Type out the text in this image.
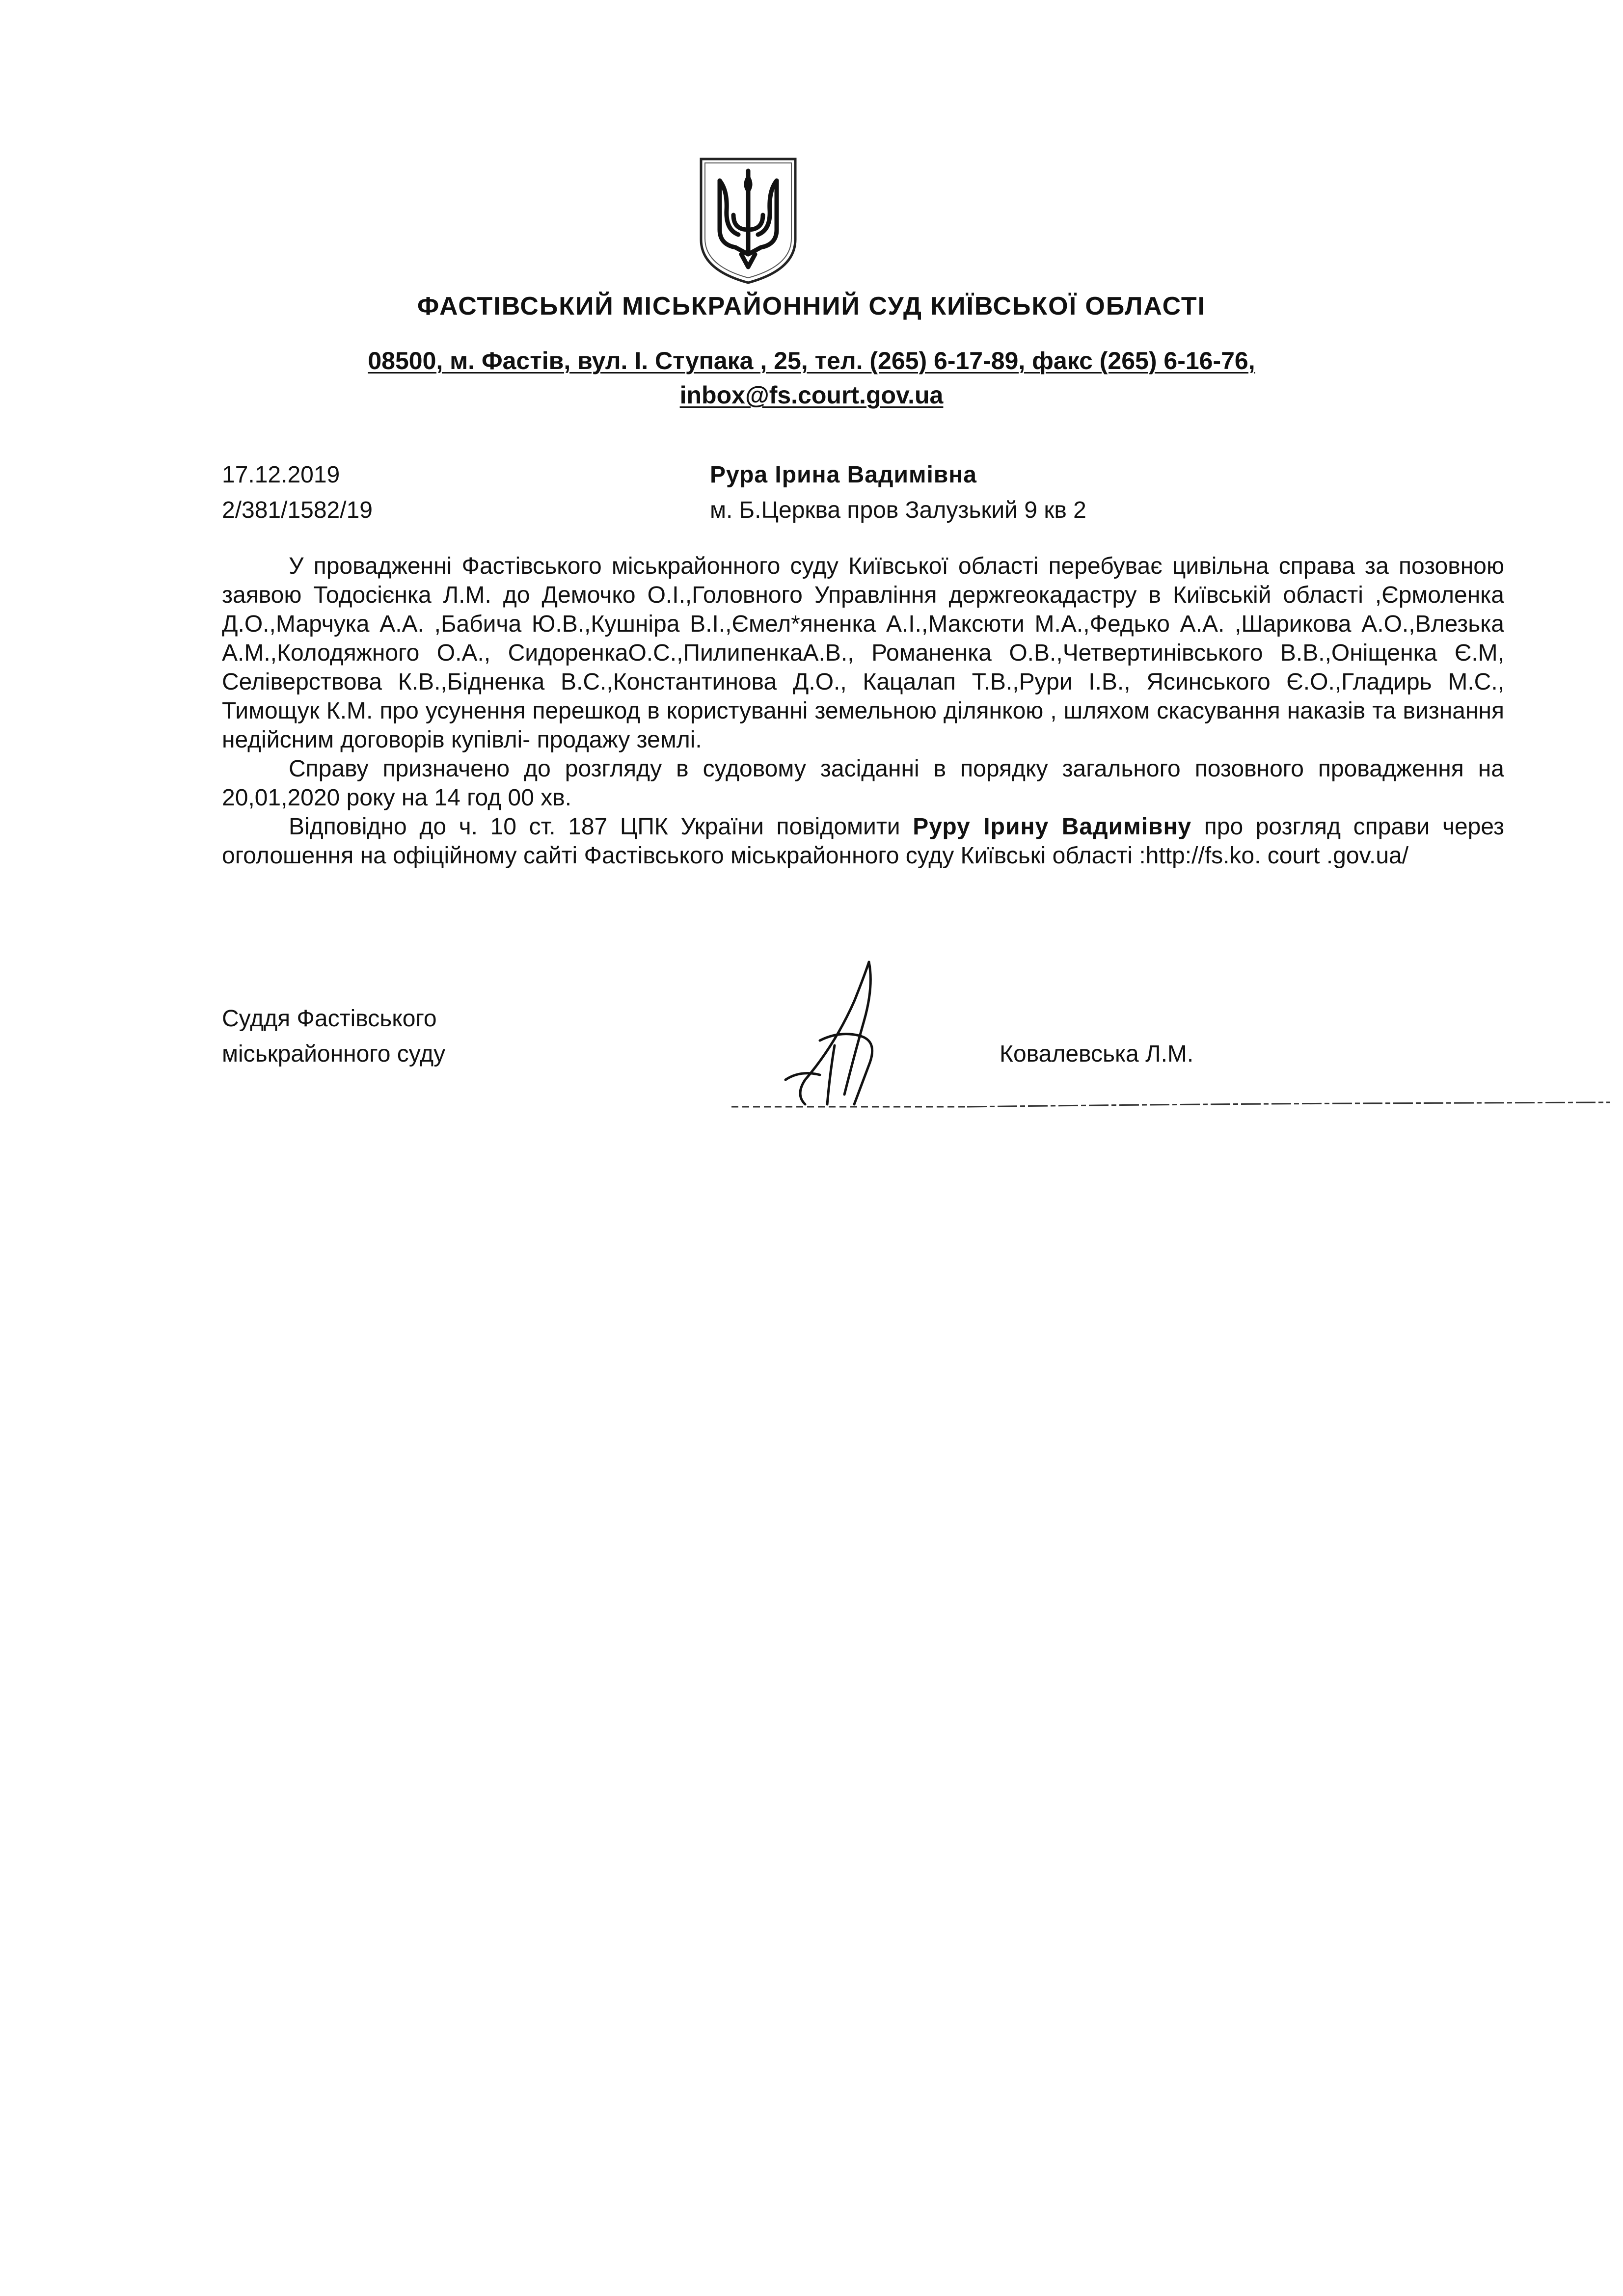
ФАСТІВСЬКИЙ МІСЬКРАЙОННИЙ СУД КИЇВСЬКОЇ ОБЛАСТІ
08500, м. Фастів, вул. І. Ступака , 25, тел. (265) 6-17-89, факс (265) 6-16-76,
inbox@fs.court.gov.ua
17.12.2019
2/381/1582/19
Рура Ірина Вадимівна
м. Б.Церква пров Залузький 9 кв 2

У провадженні Фастівського міськрайонного суду Київської області перебуває цивільна справа за позовною заявою Тодосієнка Л.М. до Демочко О.І.,Головного Управління держгеокадастру в Київській області ,Єрмоленка Д.О.,Марчука А.А. ,Бабича Ю.В.,Кушніра В.І.,Ємел*яненка А.І.,Максюти М.А.,Федько А.А. ,Шарикова А.О.,Влезька А.М.,Колодяжного О.А., СидоренкаО.С.,ПилипенкаА.В., Романенка О.В.,Четвертинівського В.В.,Оніщенка Є.М, Селіверствова К.В.,Бідненка В.С.,Константинова Д.О., Кацалап Т.В.,Рури І.В., Ясинського Є.О.,Гладирь М.С., Тимощук К.М. про усунення перешкод в користуванні земельною ділянкою , шляхом скасування наказів та визнання недійсним договорів купівлі- продажу землі.

Справу призначено до розгляду в судовому засіданні в порядку загального позовного провадження на 20,01,2020 року на 14 год 00 хв.

Відповідно до ч. 10 ст. 187 ЦПК України повідомити Руру Ірину Вадимівну про розгляд справи через оголошення на офіційному сайті Фастівського міськрайонного суду Київські області :http://fs.ko. court .gov.ua/

Суддя Фастівського
міськрайонного суду	Ковалевська Л.М.
